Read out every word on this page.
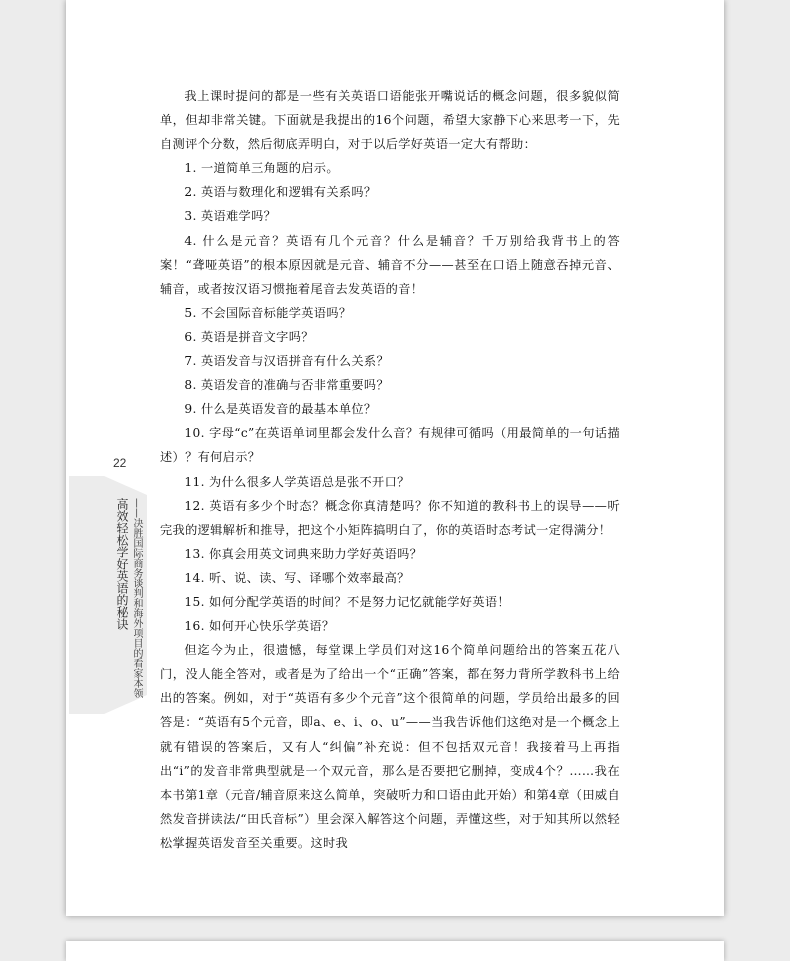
22
高效轻松学好英语的秘诀 ——决胜国际商务谈判和海外项目的看家本领

我上课时提问的都是一些有关英语口语能张开嘴说话的概念问题，很多貌似简单，但却非常关键。下面就是我提出的16个问题，希望大家静下心来思考一下，先自测评个分数，然后彻底弄明白，对于以后学好英语一定大有帮助：

1. 一道简单三角题的启示。

2. 英语与数理化和逻辑有关系吗？

3. 英语难学吗？

4. 什么是元音？英语有几个元音？什么是辅音？千万别给我背书上的答案！“聋哑英语”的根本原因就是元音、辅音不分——甚至在口语上随意吞掉元音、辅音，或者按汉语习惯拖着尾音去发英语的音！

5. 不会国际音标能学英语吗？

6. 英语是拼音文字吗？

7. 英语发音与汉语拼音有什么关系？

8. 英语发音的准确与否非常重要吗？

9. 什么是英语发音的最基本单位？

10. 字母“c”在英语单词里都会发什么音？有规律可循吗（用最简单的一句话描述）？有何启示？

11. 为什么很多人学英语总是张不开口？

12. 英语有多少个时态？概念你真清楚吗？你不知道的教科书上的误导——听完我的逻辑解析和推导，把这个小矩阵搞明白了，你的英语时态考试一定得满分！

13. 你真会用英文词典来助力学好英语吗？

14. 听、说、读、写、译哪个效率最高？

15. 如何分配学英语的时间？不是努力记忆就能学好英语！

16. 如何开心快乐学英语？

但迄今为止，很遗憾，每堂课上学员们对这16个简单问题给出的答案五花八门，没人能全答对，或者是为了给出一个“正确”答案，都在努力背所学教科书上给出的答案。例如，对于“英语有多少个元音”这个很简单的问题，学员给出最多的回答是：“英语有5个元音，即a、e、i、o、u”——当我告诉他们这绝对是一个概念上就有错误的答案后，又有人“纠偏”补充说：但不包括双元音！我接着马上再指出“i”的发音非常典型就是一个双元音，那么是否要把它删掉，变成4个？……我在本书第1章（元音/辅音原来这么简单，突破听力和口语由此开始）和第4章（田威自然发音拼读法/“田氏音标”）里会深入解答这个问题，弄懂这些，对于知其所以然轻松掌握英语发音至关重要。这时我
